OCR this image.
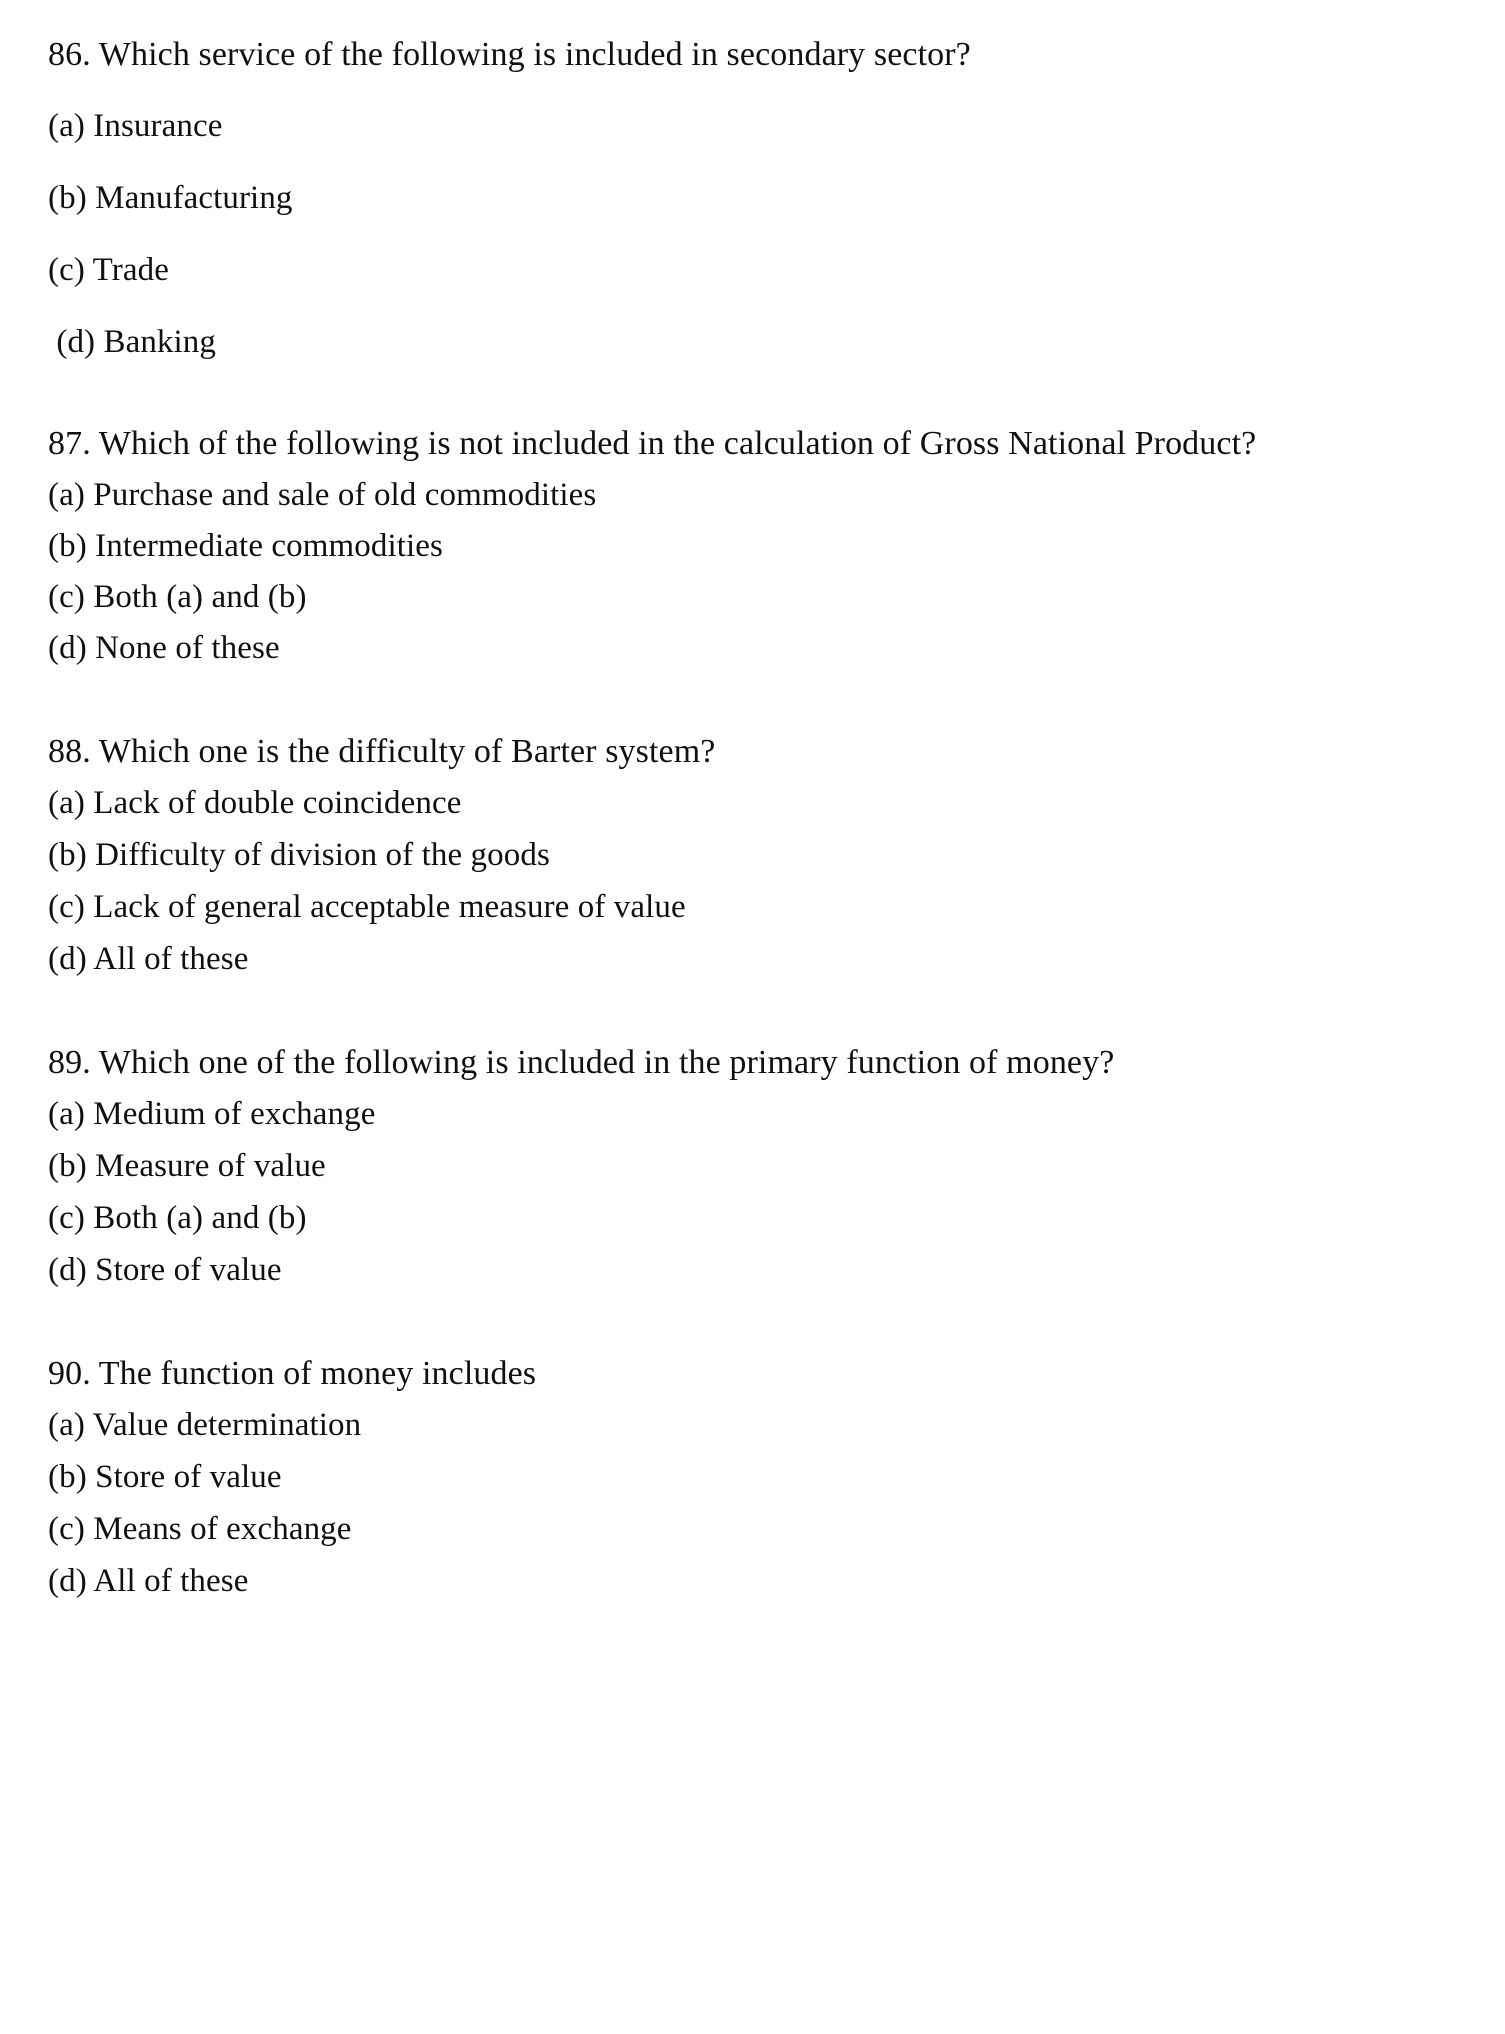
86. Which service of the following is included in secondary sector?
(a) Insurance
(b) Manufacturing
(c) Trade
(d) Banking
87. Which of the following is not included in the calculation of Gross National Product?
(a) Purchase and sale of old commodities
(b) Intermediate commodities
(c) Both (a) and (b)
(d) None of these
88. Which one is the difficulty of Barter system?
(a) Lack of double coincidence
(b) Difficulty of division of the goods
(c) Lack of general acceptable measure of value
(d) All of these
89. Which one of the following is included in the primary function of money?
(a) Medium of exchange
(b) Measure of value
(c) Both (a) and (b)
(d) Store of value
90. The function of money includes
(a) Value determination
(b) Store of value
(c) Means of exchange
(d) All of these
